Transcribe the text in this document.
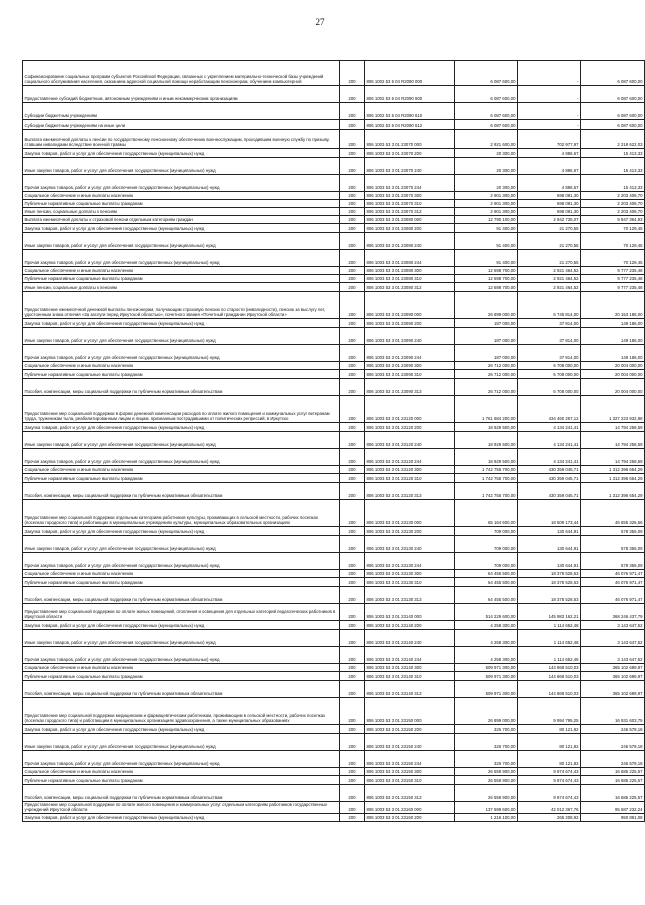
27
Софинансирование социальных программ субъектов Российской Федерации, связанных с укреплением материально-технической базы учреждений социального обслуживания населения, оказанием адресной социальной помощи неработающим пенсионерам, обучением компьютерной	200	806 1002 53 6 04 R2090 000	6 087 600,00	-	6 087 600,00
Предоставление субсидий бюджетным, автономным учреждениям и иным некоммерческим организациям	200	806 1002 53 6 04 R2090 600	6 087 600,00	-	6 087 600,00
Субсидии бюджетным учреждениям	200	806 1002 53 6 04 R2090 610	6 087 600,00	-	6 087 600,00
Субсидии бюджетным учреждениям на иные цели	200	806 1002 53 6 04 R2090 612	6 087 600,00	-	6 087 600,00
Выплата ежемесячной доплаты к пенсии по государственному пенсионному обеспечению военнослужащим, проходившим военную службу по призыву, ставшим инвалидами вследствие военной травмы	200	806 1003 53 3 01 23070 000	2 921 600,00	702 977,97	2 218 622,03
Закупка товаров, работ и услуг для обеспечения государственных (муниципальных) нужд	200	806 1003 53 3 01 23070 200	20 300,00	4 886,67	15 413,33
Иные закупки товаров, работ и услуг для обеспечения государственных (муниципальных) нужд	200	806 1003 53 3 01 23070 240	20 300,00	4 886,67	15 413,33
Прочая закупка товаров, работ и услуг для обеспечения государственных (муниципальных) нужд	200	806 1003 53 3 01 23070 244	20 300,00	4 886,67	15 413,33
Социальное обеспечение и иные выплаты населению	200	806 1003 53 3 01 23070 300	2 901 300,00	698 091,30	2 203 408,70
Публичные нормативные социальные выплаты гражданам	200	806 1003 53 3 01 23070 310	2 901 300,00	698 091,30	2 203 408,70
Иные пенсии, социальные доплаты к пенсиям	200	806 1003 53 3 01 23070 312	2 901 300,00	698 091,30	2 203 408,70
Выплата ежемесячной доплаты к страховой пенсии отдельным категориям граждан	200	806 1003 53 3 01 23080 000	12 790 100,00	2 942 735,07	9 847 364,93
Закупка товаров, работ и услуг для обеспечения государственных (муниципальных) нужд	200	806 1003 53 3 01 23080 200	91 400,00	21 270,55	70 129,45
Иные закупки товаров, работ и услуг для обеспечения государственных (муниципальных) нужд	200	806 1003 53 3 01 23080 240	91 400,00	21 270,55	70 129,45
Прочая закупка товаров, работ и услуг для обеспечения государственных (муниципальных) нужд	200	806 1003 53 3 01 23080 244	91 400,00	21 270,55	70 129,45
Социальное обеспечение и иные выплаты населению	200	806 1003 53 3 01 23080 300	12 698 700,00	2 921 464,52	9 777 235,48
Публичные нормативные социальные выплаты гражданам	200	806 1003 53 3 01 23080 310	12 698 700,00	2 921 464,52	9 777 235,48
Иные пенсии, социальные доплаты к пенсиям	200	806 1003 53 3 01 23080 312	12 698 700,00	2 921 464,52	9 777 235,48
Предоставление ежемесячной денежной выплаты пенсионерам, получающим страховую пенсию по старости (инвалидности), пенсию за выслугу лет, удостоенным знака отличия «За заслуги перед Иркутской областью», почетного звания «Почетный гражданин Иркутской области»	200	806 1003 53 3 01 23090 000	26 899 000,00	6 745 814,00	20 153 186,00
Закупка товаров, работ и услуг для обеспечения государственных (муниципальных) нужд	200	806 1003 53 3 01 23090 200	187 000,00	37 814,00	149 186,00
Иные закупки товаров, работ и услуг для обеспечения государственных (муниципальных) нужд	200	806 1003 53 3 01 23090 240	187 000,00	37 814,00	149 186,00
Прочая закупка товаров, работ и услуг для обеспечения государственных (муниципальных) нужд	200	806 1003 53 3 01 23090 244	187 000,00	37 814,00	149 186,00
Социальное обеспечение и иные выплаты населению	200	806 1003 53 3 01 23090 300	26 712 000,00	6 708 000,00	20 004 000,00
Публичные нормативные социальные выплаты гражданам	200	806 1003 53 3 01 23090 310	26 712 000,00	6 708 000,00	20 004 000,00
Пособия, компенсации, меры социальной поддержки по публичным нормативным обязательствам	200	806 1003 53 3 01 23090 313	26 712 000,00	6 708 000,00	20 004 000,00
Предоставление мер социальной поддержки в форме денежной компенсации расходов по оплате жилого помещения и коммунальных услуг ветеранам труда, труженикам тыла, реабилитированным лицам и лицам, признанным пострадавшими от политических репрессий, в Иркутско	200	806 1003 53 3 01 23120 000	1 761 684 200,00	434 460 267,12	1 327 223 932,88
Закупка товаров, работ и услуг для обеспечения государственных (муниципальных) нужд	200	806 1003 53 3 01 23120 200	18 929 500,00	4 134 241,41	14 794 258,59
Иные закупки товаров, работ и услуг для обеспечения государственных (муниципальных) нужд	200	806 1003 53 3 01 23120 240	18 929 500,00	4 134 241,41	14 794 258,59
Прочая закупка товаров, работ и услуг для обеспечения государственных (муниципальных) нужд	200	806 1003 53 3 01 23120 244	18 929 500,00	4 134 241,41	14 794 258,59
Социальное обеспечение и иные выплаты населению	200	806 1003 53 3 01 23120 300	1 742 755 700,00	430 359 045,71	1 312 396 654,29
Публичные нормативные социальные выплаты гражданам	200	806 1003 53 3 01 23120 310	1 742 755 700,00	430 359 045,71	1 312 396 654,29
Пособия, компенсации, меры социальной поддержки по публичным нормативным обязательствам	200	806 1003 53 3 01 23120 313	1 742 755 700,00	430 359 045,71	1 312 396 654,29
Предоставление мер социальной поддержки отдельным категориям работников культуры, проживающих в сельской местности, рабочих поселках (поселках городского типа) и работающих в муниципальных учреждениях культуры, муниципальных образовательных организациях	200	806 1003 53 3 01 23130 000	65 164 500,00	18 509 173,44	46 655 326,56
Закупка товаров, работ и услуг для обеспечения государственных (муниципальных) нужд	200	806 1003 53 3 01 23130 200	709 000,00	130 644,91	578 355,09
Иные закупки товаров, работ и услуг для обеспечения государственных (муниципальных) нужд	200	806 1003 53 3 01 23130 240	709 000,00	130 644,91	578 355,09
Прочая закупка товаров, работ и услуг для обеспечения государственных (муниципальных) нужд	200	806 1003 53 3 01 23130 244	709 000,00	130 644,91	578 355,09
Социальное обеспечение и иные выплаты населению	200	806 1003 53 3 01 23130 300	64 455 500,00	18 378 528,53	46 076 971,47
Публичные нормативные социальные выплаты гражданам	200	806 1003 53 3 01 23130 310	64 455 500,00	18 378 528,53	46 076 971,47
Пособия, компенсации, меры социальной поддержки по публичным нормативным обязательствам	200	806 1003 53 3 01 23130 313	64 455 500,00	18 378 528,53	46 076 971,47
Предоставление мер социальной поддержки по оплате жилых помещений, отопления и освещения для отдельных категорий педагогических работников в Иркутской области	200	806 1003 53 3 01 23140 000	514 229 600,00	145 983 162,21	368 246 437,79
Закупка товаров, работ и услуг для обеспечения государственных (муниципальных) нужд	200	806 1003 53 3 01 23140 200	4 258 300,00	1 114 652,48	3 143 647,52
Иные закупки товаров, работ и услуг для обеспечения государственных (муниципальных) нужд	200	806 1003 53 3 01 23140 240	4 258 300,00	1 114 652,48	3 143 647,52
Прочая закупка товаров, работ и услуг для обеспечения государственных (муниципальных) нужд	200	806 1003 53 3 01 23140 244	4 258 300,00	1 114 652,48	3 143 647,52
Социальное обеспечение и иные выплаты населению	200	806 1003 53 3 01 23140 300	509 971 300,00	144 868 510,03	365 102 689,97
Публичные нормативные социальные выплаты гражданам	200	806 1003 53 3 01 23140 310	509 971 300,00	144 868 510,03	365 102 689,97
Пособия, компенсации, меры социальной поддержки по публичным нормативным обязательствам	200	806 1003 53 3 01 23140 313	509 971 300,00	144 868 510,03	365 102 689,97
Предоставление мер социальной поддержки медицинским и фармацевтическим работникам, проживающим в сельской местности, рабочих поселках (поселках городского типа) и работающим в муниципальных организациях здравоохранения, а также муниципальных образованиях	200	806 1003 53 3 01 23150 000	26 899 000,00	9 994 795,25	16 931 603,75
Закупка товаров, работ и услуг для обеспечения государственных (муниципальных) нужд	200	806 1003 53 3 01 23150 200	326 700,00	80 121,82	246 578,18
Иные закупки товаров, работ и услуг для обеспечения государственных (муниципальных) нужд	200	806 1003 53 3 01 23150 240	326 700,00	80 121,82	246 578,18
Прочая закупка товаров, работ и услуг для обеспечения государственных (муниципальных) нужд	200	806 1003 53 3 01 23150 244	326 700,00	80 121,82	246 578,18
Социальное обеспечение и иные выплаты населению	200	806 1003 53 3 01 23150 300	26 559 900,00	9 874 674,43	16 685 225,57
Публичные нормативные социальные выплаты гражданам	200	806 1003 53 3 01 23150 310	26 559 900,00	9 874 674,43	16 685 225,57
Пособия, компенсации, меры социальной поддержки по публичным нормативным обязательствам	200	806 1003 53 3 01 23150 313	26 559 900,00	9 874 674,43	16 685 225,57
Предоставление мер социальной поддержки по оплате жилого помещения и коммунальных услуг отдельным категориям работников государственных учреждений Иркутской области	200	806 1003 53 3 01 23160 000	137 699 600,00	42 012 367,76	95 687 232,24
Закупка товаров, работ и услуг для обеспечения государственных (муниципальных) нужд	200	806 1003 53 3 01 23160 200	1 216 100,00	265 208,92	950 891,08
